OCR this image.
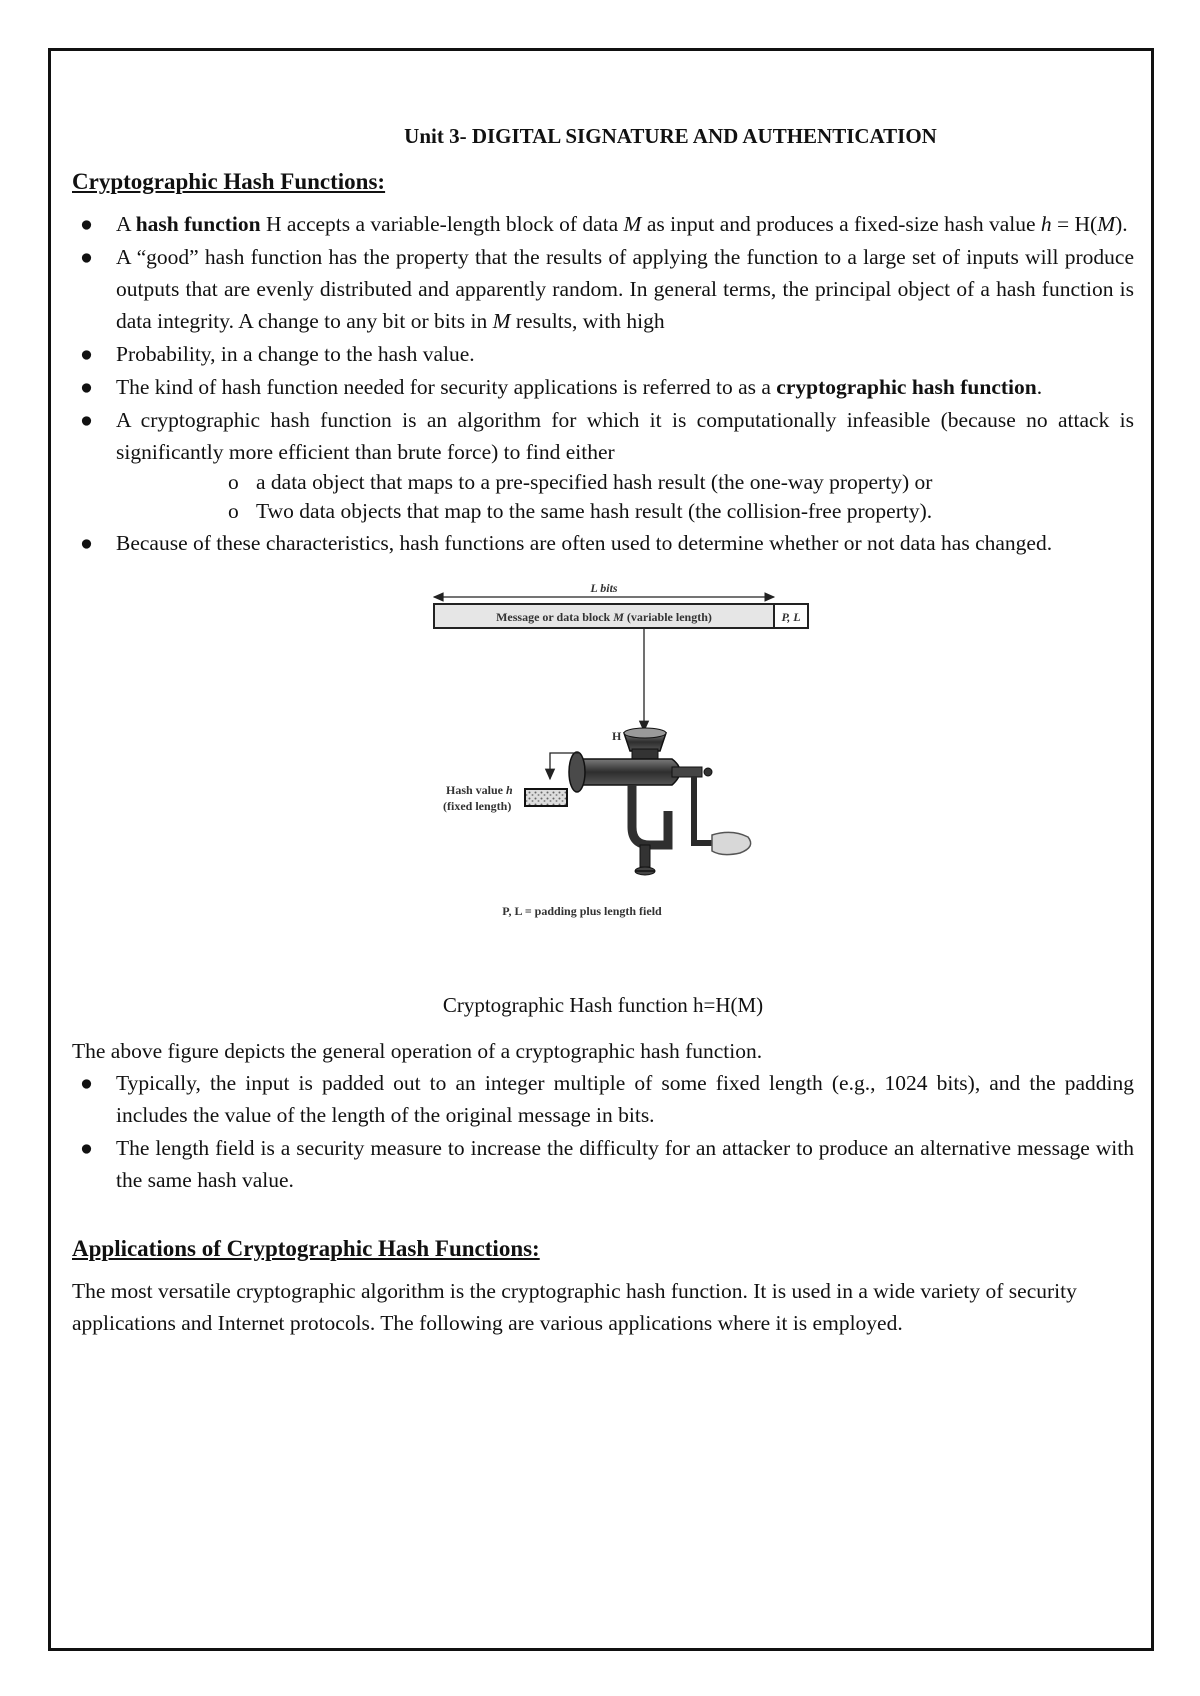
Unit 3- DIGITAL SIGNATURE AND AUTHENTICATION
Cryptographic Hash Functions:
● A hash function H accepts a variable-length block of data M as input and produces a fixed-size hash value h = H(M).
● A “good” hash function has the property that the results of applying the function to a large set of inputs will produce outputs that are evenly distributed and apparently random. In general terms, the principal object of a hash function is data integrity. A change to any bit or bits in M results, with high
● Probability, in a change to the hash value.
● The kind of hash function needed for security applications is referred to as a cryptographic hash function.
● A cryptographic hash function is an algorithm for which it is computationally infeasible (because no attack is significantly more efficient than brute force) to find either
o a data object that maps to a pre-specified hash result (the one-way property) or
o Two data objects that map to the same hash result (the collision-free property).
● Because of these characteristics, hash functions are often used to determine whether or not data has changed.
L bits
Message or data block M (variable length)	P, L
H
Hash value h
(fixed length)
P, L = padding plus length field
Cryptographic Hash function h=H(M)

The above figure depicts the general operation of a cryptographic hash function.

● Typically, the input is padded out to an integer multiple of some fixed length (e.g., 1024 bits), and the padding includes the value of the length of the original message in bits.
● The length field is a security measure to increase the difficulty for an attacker to produce an alternative message with the same hash value.
Applications of Cryptographic Hash Functions:

The most versatile cryptographic algorithm is the cryptographic hash function. It is used in a wide variety of security applications and Internet protocols. The following are various applications where it is employed.
